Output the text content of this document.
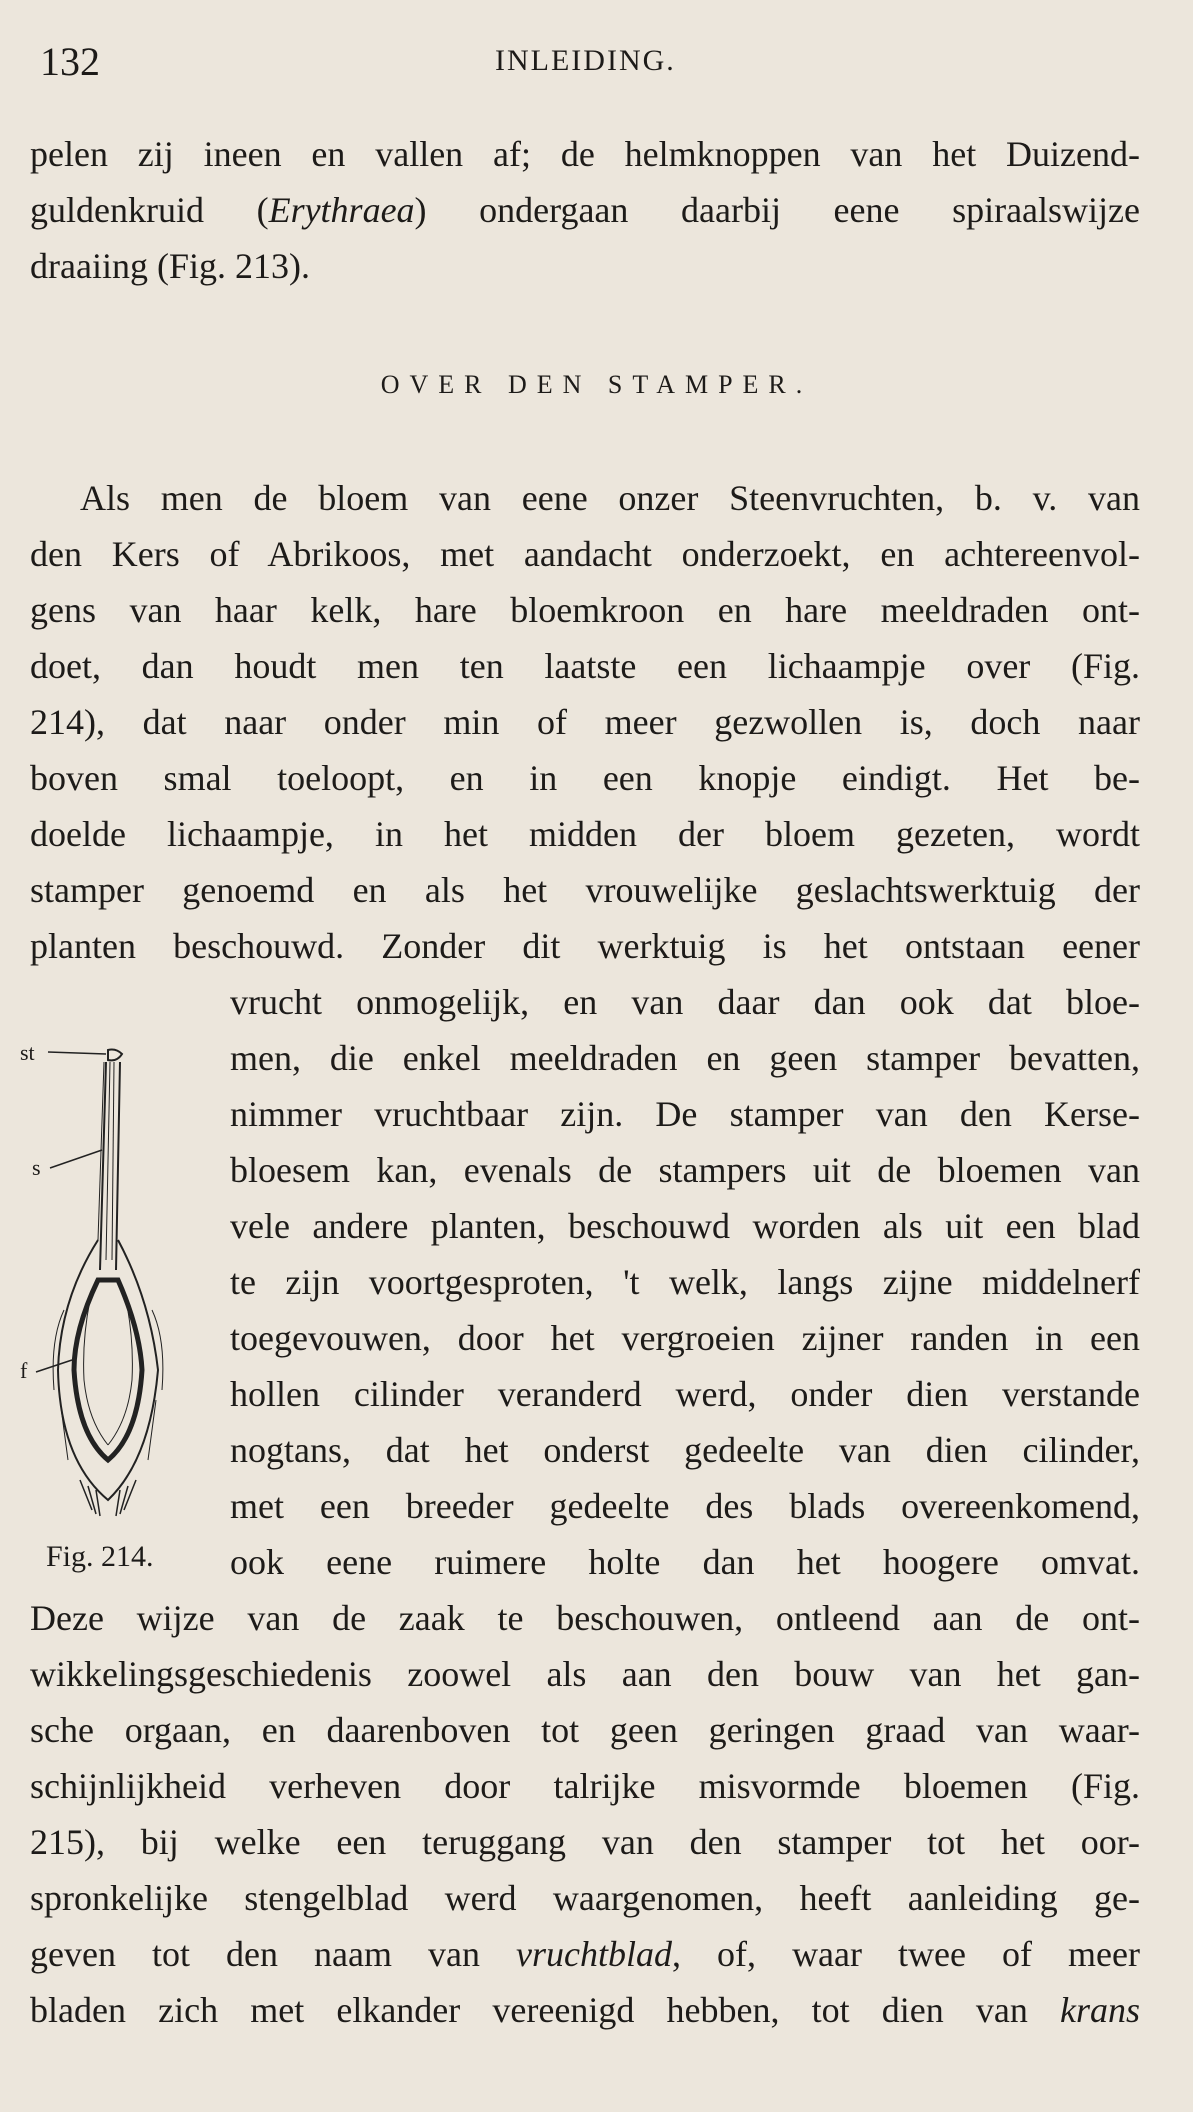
132	INLEIDING.
pelen zij ineen en vallen af; de helmknoppen van het Duizend-
guldenkruid (Erythraea) ondergaan daarbij eene spiraalswijze
draaiing (Fig. 213).
OVER DEN STAMPER.
Als men de bloem van eene onzer Steenvruchten, b. v. van
den Kers of Abrikoos, met aandacht onderzoekt, en achtereenvol-
gens van haar kelk, hare bloemkroon en hare meeldraden ont-
doet, dan houdt men ten laatste een lichaampje over (Fig.
214), dat naar onder min of meer gezwollen is, doch naar
boven smal toeloopt, en in een knopje eindigt. Het be-
doelde lichaampje, in het midden der bloem gezeten, wordt
stamper genoemd en als het vrouwelijke geslachtswerktuig der
planten beschouwd. Zonder dit werktuig is het ontstaan eener
vrucht onmogelijk, en van daar dan ook dat bloe-
men, die enkel meeldraden en geen stamper bevatten,
nimmer vruchtbaar zijn. De stamper van den Kerse-
bloesem kan, evenals de stampers uit de bloemen van
vele andere planten, beschouwd worden als uit een blad
te zijn voortgesproten, 't welk, langs zijne middelnerf
toegevouwen, door het vergroeien zijner randen in een
hollen cilinder veranderd werd, onder dien verstande
nogtans, dat het onderst gedeelte van dien cilinder,
met een breeder gedeelte des blads overeenkomend,
ook eene ruimere holte dan het hoogere omvat.
Deze wijze van de zaak te beschouwen, ontleend aan de ont-
wikkelingsgeschiedenis zoowel als aan den bouw van het gan-
sche orgaan, en daarenboven tot geen geringen graad van waar-
schijnlijkheid verheven door talrijke misvormde bloemen (Fig.
215), bij welke een teruggang van den stamper tot het oor-
spronkelijke stengelblad werd waargenomen, heeft aanleiding ge-
geven tot den naam van vruchtblad, of, waar twee of meer
bladen zich met elkander vereenigd hebben, tot dien van krans
st
s
f
Fig. 214.
